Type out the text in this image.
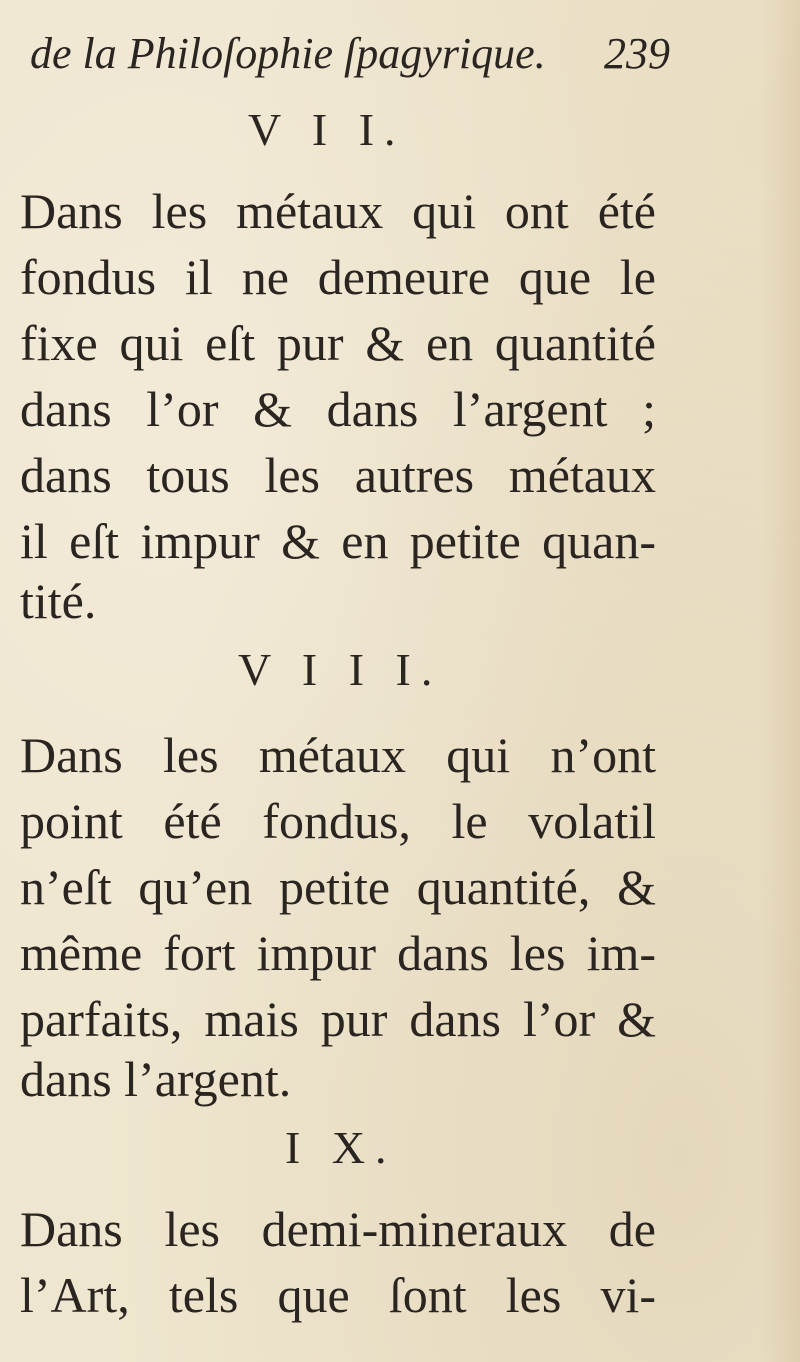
de la Philoſophie ſpagyrique. 239
V I I.
Dans les métaux qui ont été
fondus il ne demeure que le
fixe qui eſt pur & en quantité
dans l’or & dans l’argent ;
dans tous les autres métaux
il eſt impur & en petite quan-
tité.
V I I I.
Dans les métaux qui n’ont
point été fondus, le volatil
n’eſt qu’en petite quantité, &
même fort impur dans les im-
parfaits, mais pur dans l’or &
dans l’argent.
I X.
Dans les demi-mineraux de
l’Art, tels que ſont les vi-
